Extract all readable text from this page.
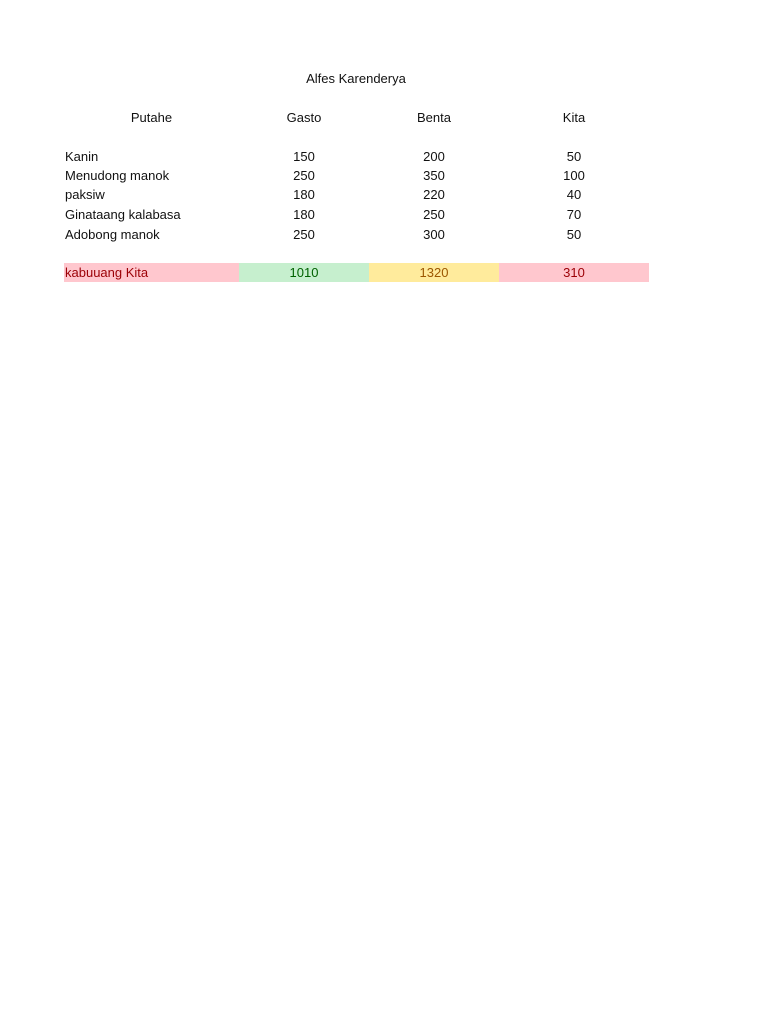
Alfes Karenderya
Putahe	Gasto	Benta	Kita
Kanin	150	200	50
Menudong manok	250	350	100
paksiw	180	220	40
Ginataang kalabasa	180	250	70
Adobong manok	250	300	50
kabuuang Kita	1010	1320	310
